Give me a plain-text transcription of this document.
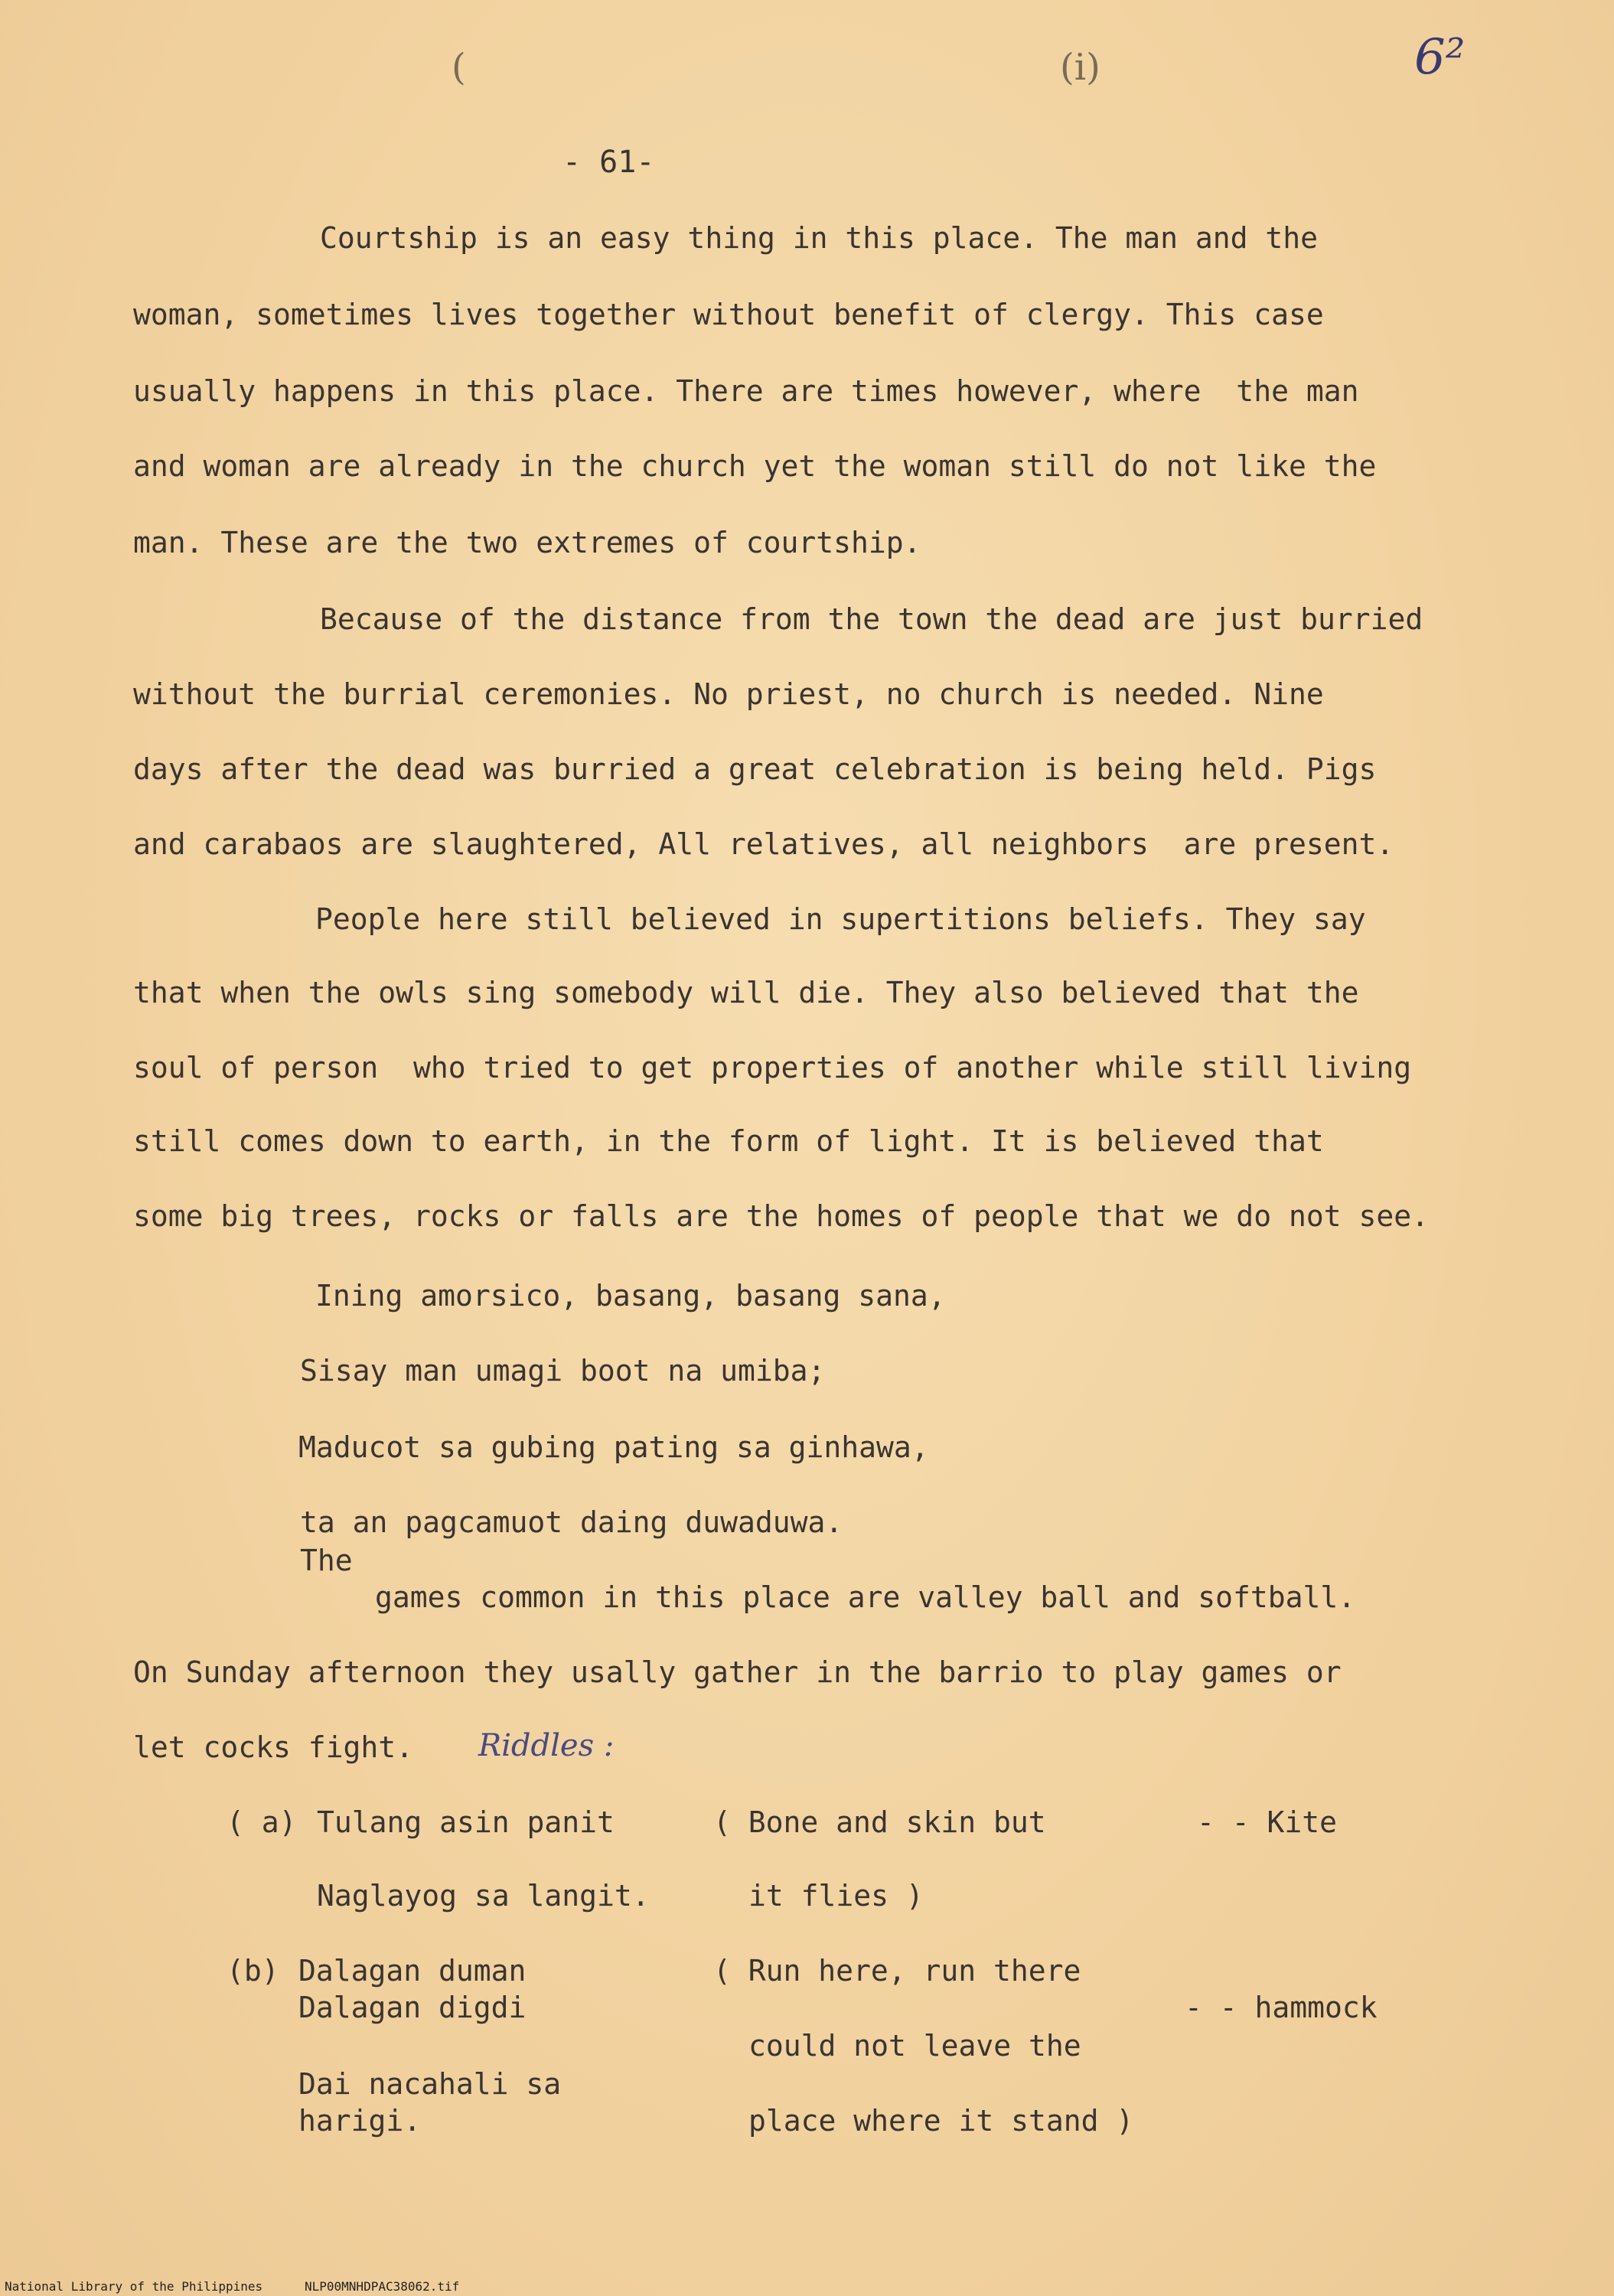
6²
(	(i)
- 61-
Courtship is an easy thing in this place. The man and the
woman, sometimes lives together without benefit of clergy. This case
usually happens in this place. There are times however, where  the man
and woman are already in the church yet the woman still do not like the
man. These are the two extremes of courtship.
Because of the distance from the town the dead are just burried
without the burrial ceremonies. No priest, no church is needed. Nine
days after the dead was burried a great celebration is being held. Pigs
and carabaos are slaughtered, All relatives, all neighbors  are present.
People here still believed in supertitions beliefs. They say
that when the owls sing somebody will die. They also believed that the
soul of person  who tried to get properties of another while still living
still comes down to earth, in the form of light. It is believed that
some big trees, rocks or falls are the homes of people that we do not see.
Ining amorsico, basang, basang sana,
Sisay man umagi boot na umiba;
Maducot sa gubing pating sa ginhawa,
ta an pagcamuot daing duwaduwa.
The
games common in this place are valley ball and softball.
On Sunday afternoon they usally gather in the barrio to play games or
let cocks fight. Riddles :
( a) Tulang asin panit
Naglayog sa langit.
( Bone and skin but
it flies )
- - Kite
(b) Dalagan duman
Dalagan digdi
Dai nacahali sa
harigi.
( Run here, run there
could not leave the
place where it stand )
- - hammock
National Library of the Philippines	NLP00MNHDPAC38062.tif
